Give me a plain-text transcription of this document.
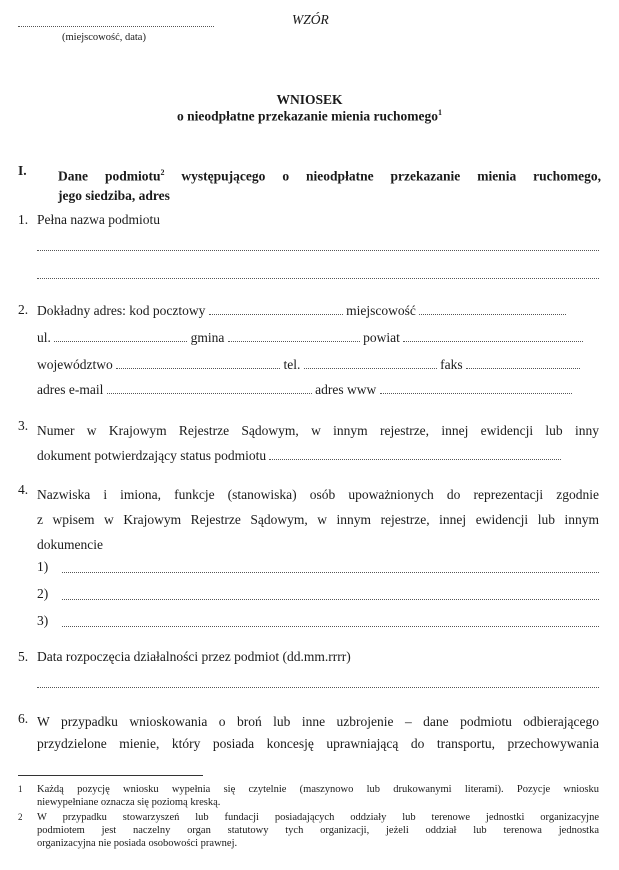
(miejscowość, data)
WZÓR
WNIOSEK
o nieodpłatne przekazanie mienia ruchomego$^1$
I. Dane podmiotu$^2$ występującego o nieodpłatne przekazanie mienia ruchomego,
jego siedziba, adres
1. Pełna nazwa podmiotu
2. Dokładny adres: kod pocztowy	miejscowość
ul.	gmina	powiat
województwo	tel.	faks
adres e-mail	adres www
3. Numer w Krajowym Rejestrze Sądowym, w innym rejestrze, innej ewidencji lub inny
dokument potwierdzający status podmiotu
4. Nazwiska i imiona, funkcje (stanowiska) osób upoważnionych do reprezentacji zgodnie
z wpisem w Krajowym Rejestrze Sądowym, w innym rejestrze, innej ewidencji lub innym
dokumencie
1)
2)
3)
5. Data rozpoczęcia działalności przez podmiot (dd.mm.rrrr)
6. W przypadku wnioskowania o broń lub inne uzbrojenie – dane podmiotu odbierającego
przydzielone mienie, który posiada koncesję uprawniającą do transportu, przechowywania
1 Każdą pozycję wniosku wypełnia się czytelnie (maszynowo lub drukowanymi literami). Pozycje wniosku
niewypełniane oznacza się poziomą kreską.
2 W przypadku stowarzyszeń lub fundacji posiadających oddziały lub terenowe jednostki organizacyjne
podmiotem jest naczelny organ statutowy tych organizacji, jeżeli oddział lub terenowa jednostka
organizacyjna nie posiada osobowości prawnej.
